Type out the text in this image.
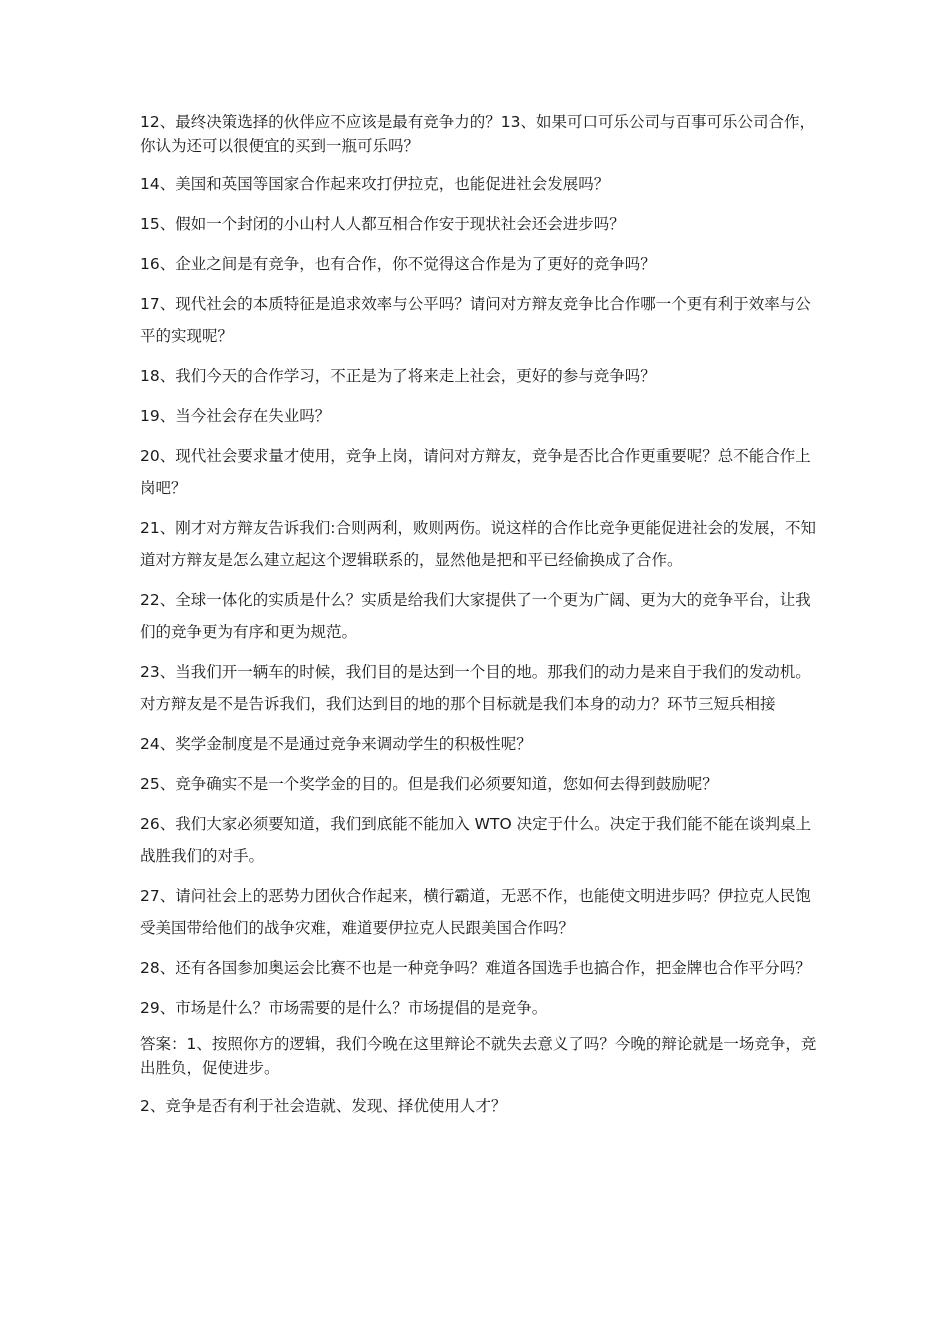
12、最终决策选择的伙伴应不应该是最有竞争力的？13、如果可口可乐公司与百事可乐公司合作，你认为还可以很便宜的买到一瓶可乐吗？

14、美国和英国等国家合作起来攻打伊拉克，也能促进社会发展吗？

15、假如一个封闭的小山村人人都互相合作安于现状社会还会进步吗？

16、企业之间是有竞争，也有合作，你不觉得这合作是为了更好的竞争吗？

17、现代社会的本质特征是追求效率与公平吗？请问对方辩友竞争比合作哪一个更有利于效率与公平的实现呢？

18、我们今天的合作学习，不正是为了将来走上社会，更好的参与竞争吗？

19、当今社会存在失业吗？

20、现代社会要求量才使用，竞争上岗，请问对方辩友，竞争是否比合作更重要呢？总不能合作上岗吧？

21、刚才对方辩友告诉我们:合则两利，败则两伤。说这样的合作比竞争更能促进社会的发展，不知道对方辩友是怎么建立起这个逻辑联系的，显然他是把和平已经偷换成了合作。

22、全球一体化的实质是什么？实质是给我们大家提供了一个更为广阔、更为大的竞争平台，让我们的竞争更为有序和更为规范。

23、当我们开一辆车的时候，我们目的是达到一个目的地。那我们的动力是来自于我们的发动机。对方辩友是不是告诉我们，我们达到目的地的那个目标就是我们本身的动力？环节三短兵相接

24、奖学金制度是不是通过竞争来调动学生的积极性呢？

25、竞争确实不是一个奖学金的目的。但是我们必须要知道，您如何去得到鼓励呢？

26、我们大家必须要知道，我们到底能不能加入 WTO 决定于什么。决定于我们能不能在谈判桌上战胜我们的对手。

27、请问社会上的恶势力团伙合作起来，横行霸道，无恶不作，也能使文明进步吗？伊拉克人民饱受美国带给他们的战争灾难，难道要伊拉克人民跟美国合作吗？

28、还有各国参加奥运会比赛不也是一种竞争吗？难道各国选手也搞合作，把金牌也合作平分吗？

29、市场是什么？市场需要的是什么？市场提倡的是竞争。

答案：1、按照你方的逻辑，我们今晚在这里辩论不就失去意义了吗？今晚的辩论就是一场竞争，竞出胜负，促使进步。

2、竞争是否有利于社会造就、发现、择优使用人才？
